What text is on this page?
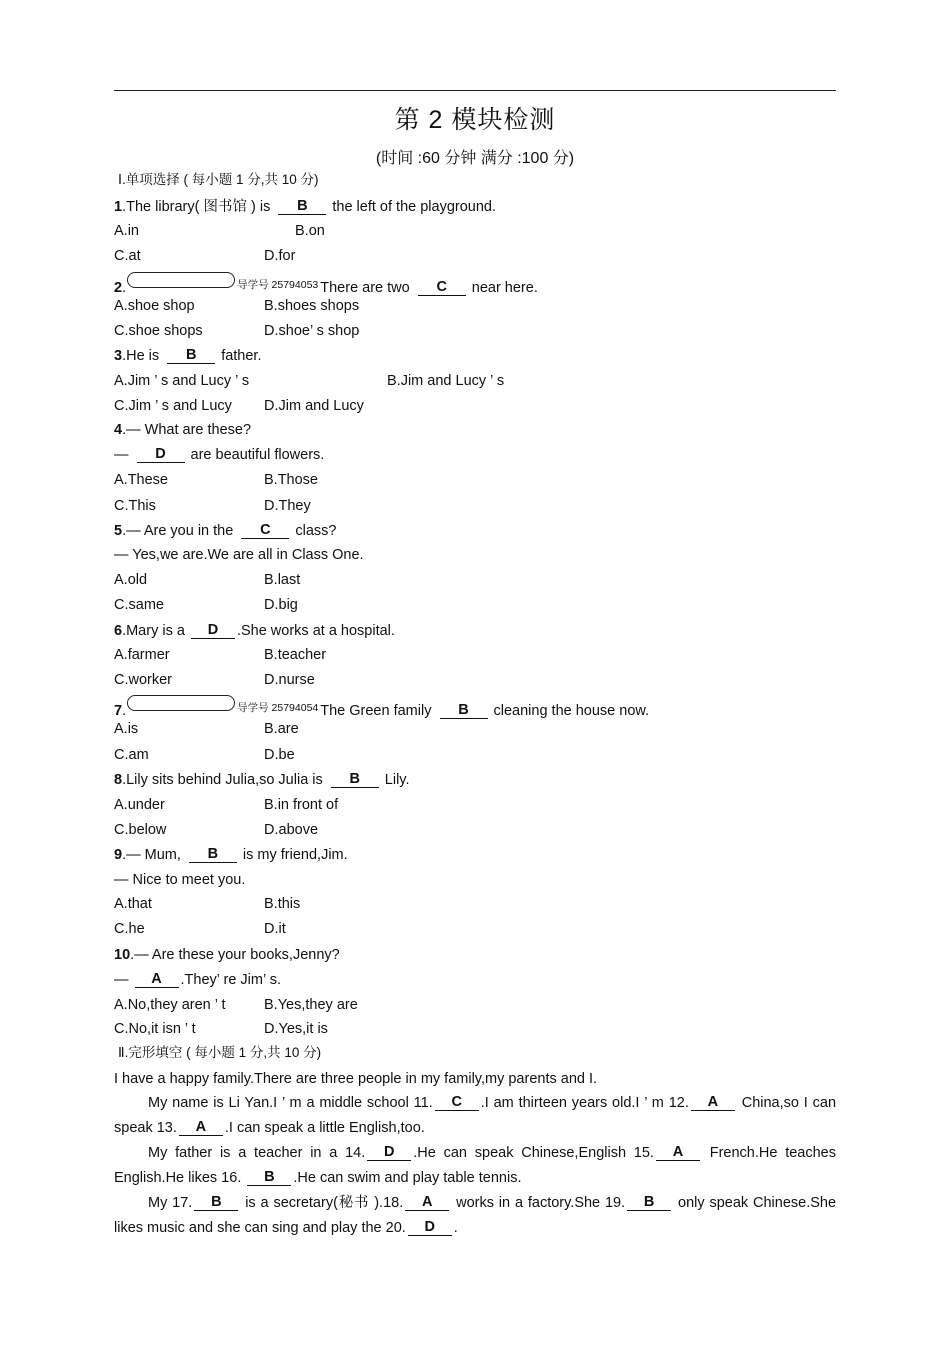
第 2 模块检测
(时间 :60 分钟 满分 :100 分)
Ⅰ.单项选择 ( 每小题 1 分,共 10 分)
1.The library( 图书馆 ) is B the left of the playground.
A.in	B.on
C.at	D.for
2.	$^{导学号 25794053}$ There are two C near here.
A.shoe shop	B.shoes shops
C.shoe shops	D.shoe’ s shop
3.He is B father.
A.Jim ’ s and Lucy ’ s	B.Jim and Lucy ’ s
C.Jim ’ s and Lucy D.Jim and Lucy
4.— What are these?
— D are beautiful flowers.
A.These	B.Those
C.This	D.They
5.— Are you in the C class?
— Yes,we are.We are all in Class One.
A.old	B.last
C.same	D.big
6.Mary is a D .She works at a hospital.
A.farmer	B.teacher
C.worker	D.nurse
7.	$^{导学号 25794054}$ The Green family B cleaning the house now.
A.is	B.are
C.am	D.be
8.Lily sits behind Julia,so Julia is B Lily.
A.under	B.in front of
C.below	D.above
9.— Mum, B is my friend,Jim.
— Nice to meet you.
A.that	B.this
C.he	D.it
10.— Are these your books,Jenny?
— A .They’ re Jim’ s.
A.No,they aren ’ t	B.Yes,they are
C.No,it isn ’ t	D.Yes,it is
Ⅱ.完形填空 ( 每小题 1 分,共 10 分)
I have a happy family.There are three people in my family,my parents and I.
My name is Li Yan.I ’ m a middle school 11. C .I am thirteen years old.I ’ m 12. A China,so I can speak 13. A .I can speak a little English,too.
My father is a teacher in a 14. D .He can speak Chinese,English 15. A French.He teaches English.He likes 16. B .He can swim and play table tennis.
My 17. B is a secretary(秘书 ).18. A works in a factory.She 19. B only speak Chinese.She likes music and she can sing and play the 20. D .
